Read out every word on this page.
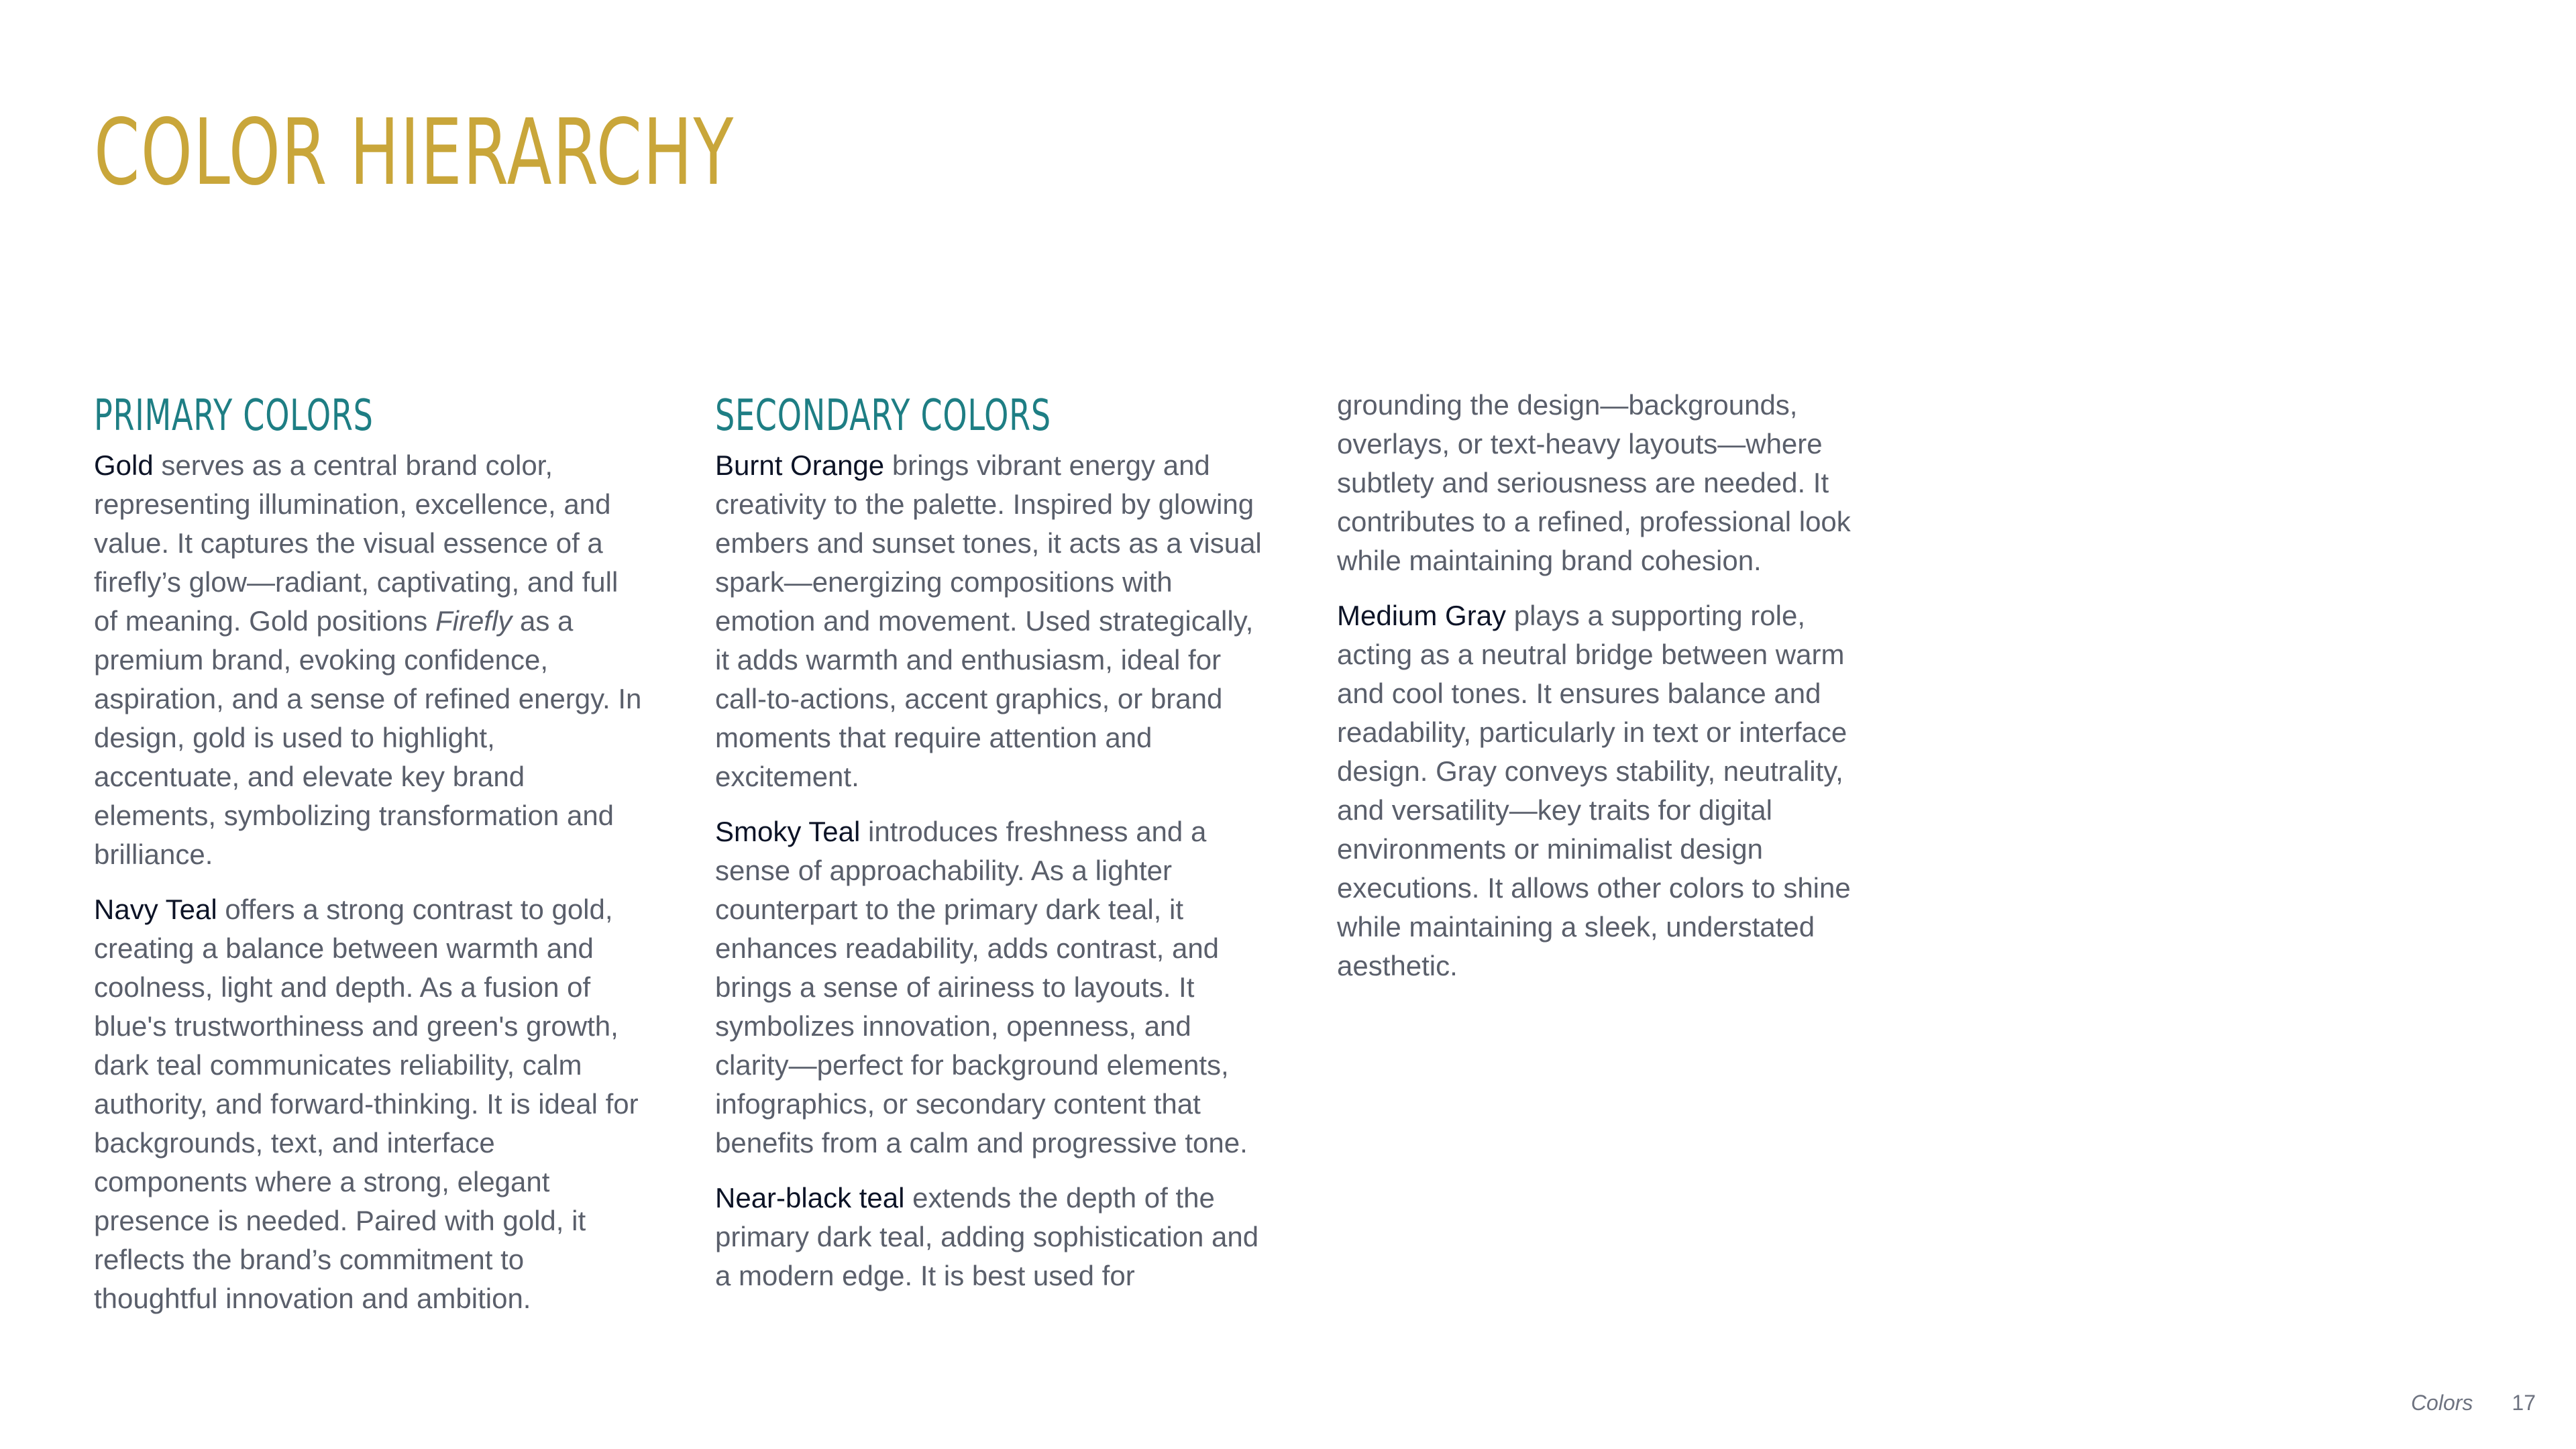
COLOR HIERARCHY
PRIMARY COLORS

Gold serves as a central brand color, representing illumination, excellence, and value. It captures the visual essence of a firefly’s glow—radiant, captivating, and full of meaning. Gold positions Firefly as a premium brand, evoking confidence, aspiration, and a sense of refined energy. In design, gold is used to highlight, accentuate, and elevate key brand elements, symbolizing transformation and brilliance.

Navy Teal offers a strong contrast to gold, creating a balance between warmth and coolness, light and depth. As a fusion of blue's trustworthiness and green's growth, dark teal communicates reliability, calm authority, and forward-thinking. It is ideal for backgrounds, text, and interface components where a strong, elegant presence is needed. Paired with gold, it reflects the brand’s commitment to thoughtful innovation and ambition.

SECONDARY COLORS

Burnt Orange brings vibrant energy and creativity to the palette. Inspired by glowing embers and sunset tones, it acts as a visual spark—energizing compositions with emotion and movement. Used strategically, it adds warmth and enthusiasm, ideal for call-to-actions, accent graphics, or brand moments that require attention and excitement.

Smoky Teal introduces freshness and a sense of approachability. As a lighter counterpart to the primary dark teal, it enhances readability, adds contrast, and brings a sense of airiness to layouts. It symbolizes innovation, openness, and clarity—perfect for background elements, infographics, or secondary content that benefits from a calm and progressive tone.

Near-black teal extends the depth of the primary dark teal, adding sophistication and a modern edge. It is best used for

grounding the design—backgrounds, overlays, or text-heavy layouts—where subtlety and seriousness are needed. It contributes to a refined, professional look while maintaining brand cohesion.

Medium Gray plays a supporting role, acting as a neutral bridge between warm and cool tones. It ensures balance and readability, particularly in text or interface design. Gray conveys stability, neutrality, and versatility—key traits for digital environments or minimalist design executions. It allows other colors to shine while maintaining a sleek, understated aesthetic.

Colors 17
